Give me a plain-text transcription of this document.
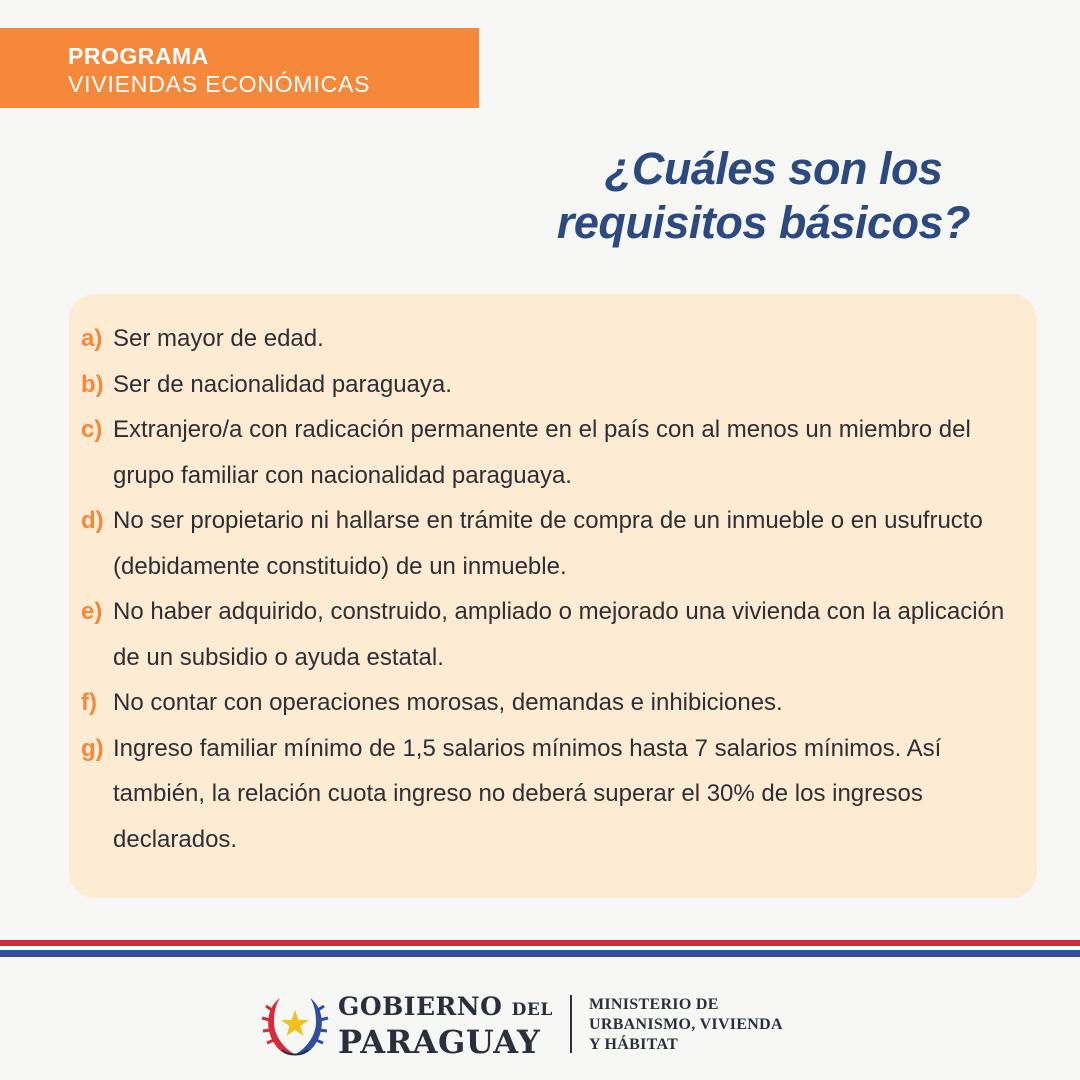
PROGRAMA
VIVIENDAS ECONÓMICAS
¿Cuáles son los
requisitos básicos?
a) Ser mayor de edad.
b) Ser de nacionalidad paraguaya.
c) Extranjero/a con radicación permanente en el país con al menos un miembro del grupo familiar con nacionalidad paraguaya.
d) No ser propietario ni hallarse en trámite de compra de un inmueble o en usufructo (debidamente constituido) de un inmueble.
e) No haber adquirido, construido, ampliado o mejorado una vivienda con la aplicación de un subsidio o ayuda estatal.
f) No contar con operaciones morosas, demandas e inhibiciones.
g) Ingreso familiar mínimo de 1,5 salarios mínimos hasta 7 salarios mínimos. Así también, la relación cuota ingreso no deberá superar el 30% de los ingresos declarados.
GOBIERNO DEL
PARAGUAY
MINISTERIO DE
URBANISMO, VIVIENDA
Y HÁBITAT
